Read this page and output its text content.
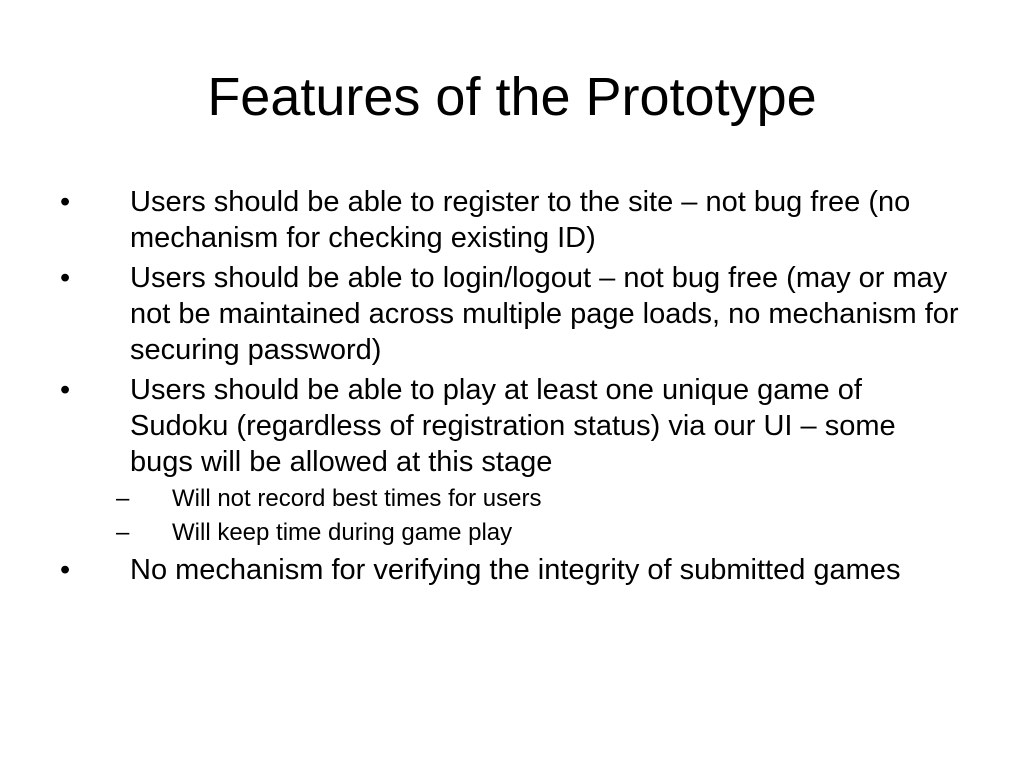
Features of the Prototype
•	Users should be able to register to the site – not bug free (no mechanism for checking existing ID)
•	Users should be able to login/logout – not bug free (may or may not be maintained across multiple page loads, no mechanism for securing password)
•	Users should be able to play at least one unique game of Sudoku (regardless of registration status) via our UI – some bugs will be allowed at this stage
– Will not record best times for users
– Will keep time during game play
•	No mechanism for verifying the integrity of submitted games
